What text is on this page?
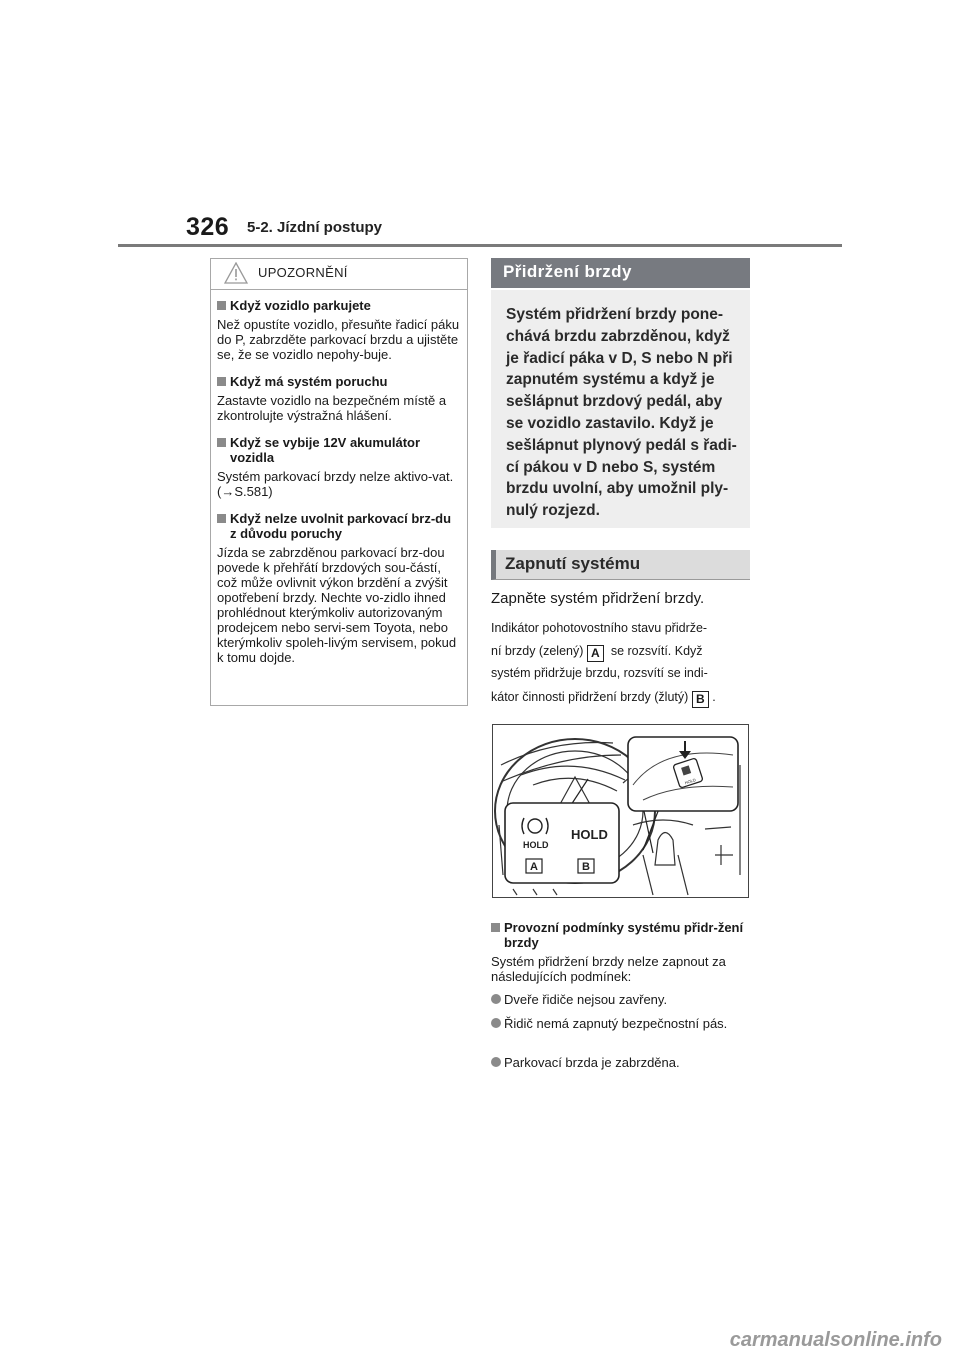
326 5-2. Jízdní postupy
UPOZORNĚNÍ
Když vozidlo parkujete
Než opustíte vozidlo, přesuňte řadicí páku do P, zabrzděte parkovací brzdu a ujistěte se, že se vozidlo nepohy-buje.
Když má systém poruchu
Zastavte vozidlo na bezpečném místě a zkontrolujte výstražná hlášení.
Když se vybije 12V akumulátor vozidla
Systém parkovací brzdy nelze aktivo-vat. (→S.581)
Když nelze uvolnit parkovací brz-du z důvodu poruchy
Jízda se zabrzděnou parkovací brz-dou povede k přehřátí brzdových sou-částí, což může ovlivnit výkon brzdění a zvýšit opotřebení brzdy. Nechte vo-zidlo ihned prohlédnout kterýmkoliv autorizovaným prodejcem nebo servi-sem Toyota, nebo kterýmkoliv spoleh-livým servisem, pokud k tomu dojde.
Přidržení brzdy

Systém přidržení brzdy pone-chává brzdu zabrzděnou, když je řadicí páka v D, S nebo N při zapnutém systému a když je sešlápnut brzdový pedál, aby se vozidlo zastavilo. Když je sešlápnut plynový pedál s řadi-cí pákou v D nebo S, systém brzdu uvolní, aby umožnil ply-nulý rozjezd.

Zapnutí systému
Zapněte systém přidržení brzdy.
Indikátor pohotovostního stavu přidrže-
ní brzdy (zelený) A se rozsvítí. Když
systém přidržuje brzdu, rozsvítí se indi-
kátor činnosti přidržení brzdy (žlutý) B .
HOLD
HOLD
A	B
HOLD
Provozní podmínky systému přidr-žení brzdy
Systém přidržení brzdy nelze zapnout za následujících podmínek:
Dveře řidiče nejsou zavřeny.
Řidič nemá zapnutý bezpečnostní pás.
Parkovací brzda je zabrzděna.
carmanualsonline.info
